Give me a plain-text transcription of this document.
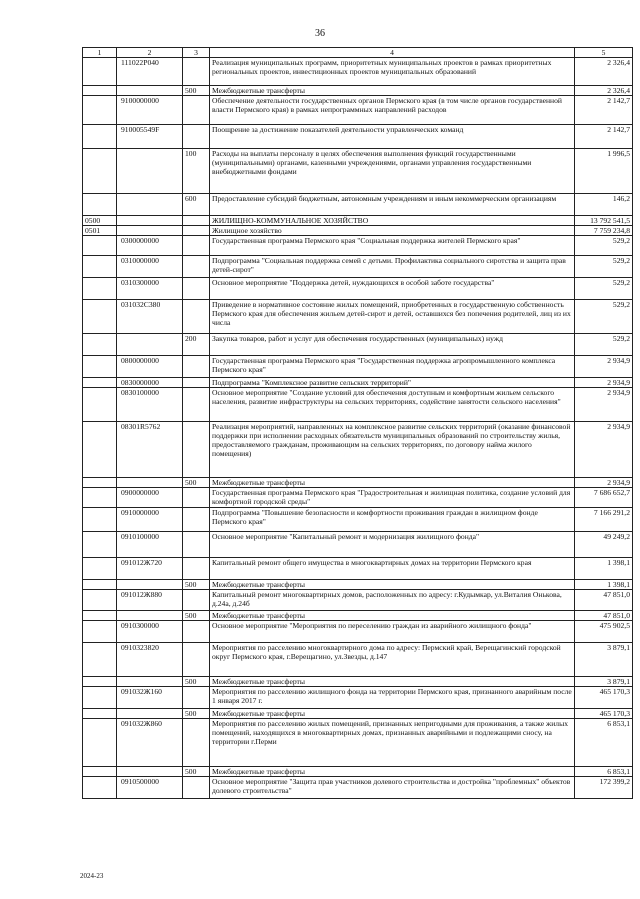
36
1	2	3	4	5
	111022P040		Реализация муниципальных программ, приоритетных муниципальных проектов в рамках приоритетных региональных проектов, инвестиционных проектов муниципальных образований	2 326,4
		500	Межбюджетные трансферты	2 326,4
	9100000000		Обеспечение деятельности государственных органов Пермского края (в том числе органов государственной власти Пермского края) в рамках непрограммных направлений расходов	2 142,7
	910005549F		Поощрение за достижение показателей деятельности управленческих команд	2 142,7
		100	Расходы на выплаты персоналу в целях обеспечения выполнения функций государственными (муниципальными) органами, казенными учреждениями, органами управления государственными внебюджетными фондами	1 996,5
		600	Предоставление субсидий бюджетным, автономным учреждениям и иным некоммерческим организациям	146,2
0500			ЖИЛИЩНО-КОММУНАЛЬНОЕ ХОЗЯЙСТВО	13 792 541,5
0501			Жилищное хозяйство	7 759 234,8
	0300000000		Государственная программа Пермского края "Социальная поддержка жителей Пермского края"	529,2
	0310000000		Подпрограмма "Социальная поддержка семей с детьми. Профилактика социального сиротства и защита прав детей-сирот"	529,2
	0310300000		Основное мероприятие "Поддержка детей, нуждающихся в особой заботе государства"	529,2
	031032С380		Приведение в нормативное состояние жилых помещений, приобретенных в государственную собственность Пермского края для обеспечения жильем детей-сирот и детей, оставшихся без попечения родителей, лиц из их числа	529,2
		200	Закупка товаров, работ и услуг для обеспечения государственных (муниципальных) нужд	529,2
	0800000000		Государственная программа Пермского края "Государственная поддержка агропромышленного комплекса Пермского края"	2 934,9
	0830000000		Подпрограмма "Комплексное развитие сельских территорий"	2 934,9
	0830100000		Основное мероприятие "Создание условий для обеспечения доступным и комфортным жильем сельского населения, развитие инфраструктуры на сельских территориях, содействие занятости сельского населения"	2 934,9
	08301R5762		Реализация мероприятий, направленных на комплексное развитие сельских территорий (оказание финансовой поддержки при исполнении расходных обязательств муниципальных образований по строительству жилья, предоставляемого гражданам, проживающим на сельских территориях, по договору найма жилого помещения)	2 934,9
		500	Межбюджетные трансферты	2 934,9
	0900000000		Государственная программа Пермского края "Градостроительная и жилищная политика, создание условий для комфортной городской среды"	7 686 652,7
	0910000000		Подпрограмма "Повышение безопасности и комфортности проживания граждан в жилищном фонде Пермского края"	7 166 291,2
	0910100000		Основное мероприятие "Капитальный ремонт и модернизация жилищного фонда"	49 249,2
	091012Ж720		Капитальный ремонт общего имущества в многоквартирных домах на территории Пермского края	1 398,1
		500	Межбюджетные трансферты	1 398,1
	091012Ж880		Капитальный ремонт многоквартирных домов, расположенных по адресу: г.Кудымкар, ул.Виталия Онькова, д.24а, д.24б	47 851,0
		500	Межбюджетные трансферты	47 851,0
	0910300000		Основное мероприятие "Мероприятия по переселению граждан из аварийного жилищного фонда"	475 902,5
	0910323820		Мероприятия по расселению многоквартирного дома по адресу: Пермский край, Верещагинский городской округ Пермского края, г.Верещагино, ул.Звезды, д.147	3 879,1
		500	Межбюджетные трансферты	3 879,1
	091032Ж160		Мероприятия по расселению жилищного фонда на территории Пермского края, признанного аварийным после 1 января 2017 г.	465 170,3
		500	Межбюджетные трансферты	465 170,3
	091032Ж860		Мероприятия по расселению жилых помещений, признанных непригодными для проживания, а также жилых помещений, находящихся в многоквартирных домах, признанных аварийными и подлежащими сносу, на территории г.Перми	6 853,1
		500	Межбюджетные трансферты	6 853,1
	0910500000		Основное мероприятие "Защита прав участников долевого строительства и достройка "проблемных" объектов долевого строительства"	172 399,2
2024-23
